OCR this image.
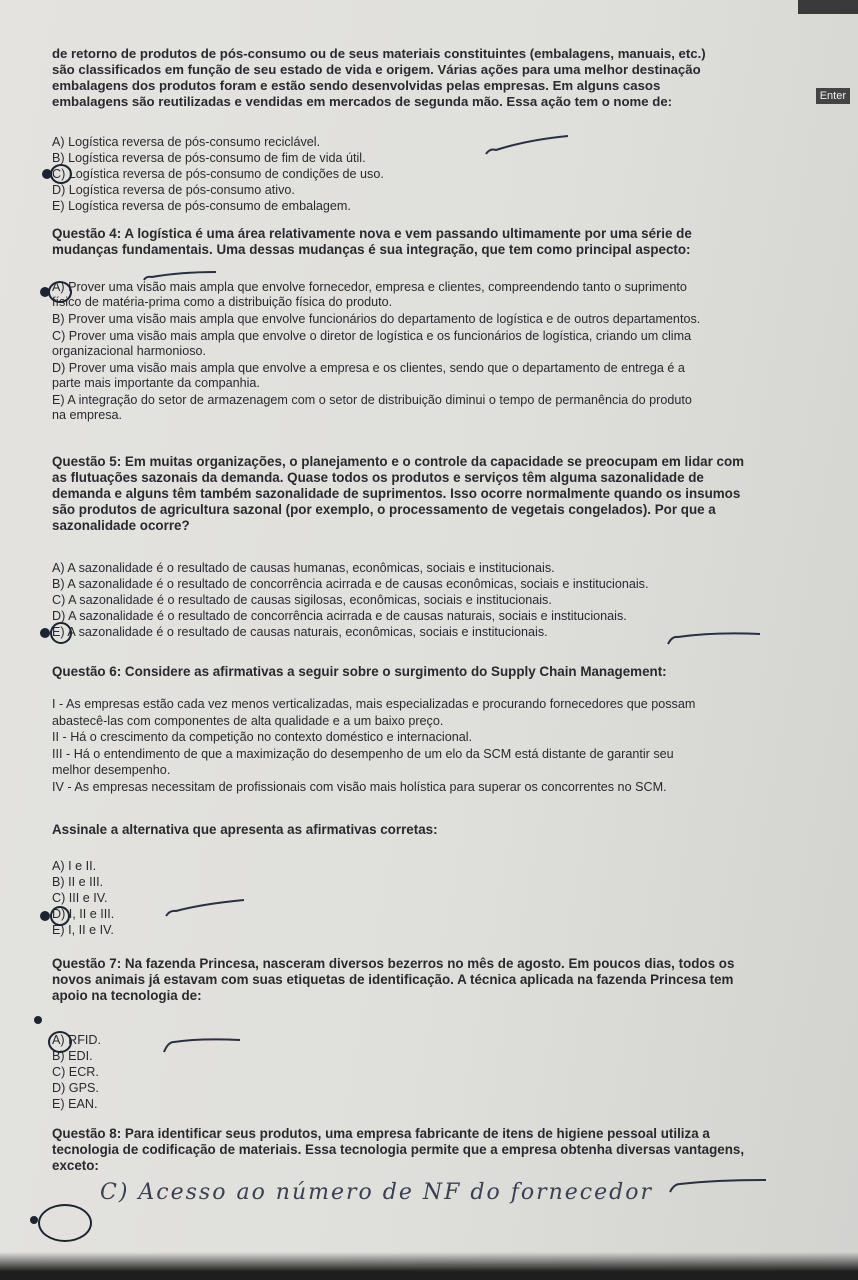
Enter
de retorno de produtos de pós-consumo ou de seus materiais constituintes (embalagens, manuais, etc.)
são classificados em função de seu estado de vida e origem. Várias ações para uma melhor destinação
embalagens dos produtos foram e estão sendo desenvolvidas pelas empresas. Em alguns casos
embalagens são reutilizadas e vendidas em mercados de segunda mão. Essa ação tem o nome de:
A) Logística reversa de pós-consumo reciclável.
B) Logística reversa de pós-consumo de fim de vida útil.
C) Logística reversa de pós-consumo de condições de uso.
D) Logística reversa de pós-consumo ativo.
E) Logística reversa de pós-consumo de embalagem.
Questão 4: A logística é uma área relativamente nova e vem passando ultimamente por uma série de
mudanças fundamentais. Uma dessas mudanças é sua integração, que tem como principal aspecto:
A) Prover uma visão mais ampla que envolve fornecedor, empresa e clientes, compreendendo tanto o suprimento
físico de matéria-prima como a distribuição física do produto.
B) Prover uma visão mais ampla que envolve funcionários do departamento de logística e de outros departamentos.
C) Prover uma visão mais ampla que envolve o diretor de logística e os funcionários de logística, criando um clima
organizacional harmonioso.
D) Prover uma visão mais ampla que envolve a empresa e os clientes, sendo que o departamento de entrega é a
parte mais importante da companhia.
E) A integração do setor de armazenagem com o setor de distribuição diminui o tempo de permanência do produto
na empresa.
Questão 5: Em muitas organizações, o planejamento e o controle da capacidade se preocupam em lidar com
as flutuações sazonais da demanda. Quase todos os produtos e serviços têm alguma sazonalidade de
demanda e alguns têm também sazonalidade de suprimentos. Isso ocorre normalmente quando os insumos
são produtos de agricultura sazonal (por exemplo, o processamento de vegetais congelados). Por que a
sazonalidade ocorre?
A) A sazonalidade é o resultado de causas humanas, econômicas, sociais e institucionais.
B) A sazonalidade é o resultado de concorrência acirrada e de causas econômicas, sociais e institucionais.
C) A sazonalidade é o resultado de causas sigilosas, econômicas, sociais e institucionais.
D) A sazonalidade é o resultado de concorrência acirrada e de causas naturais, sociais e institucionais.
E) A sazonalidade é o resultado de causas naturais, econômicas, sociais e institucionais.
Questão 6: Considere as afirmativas a seguir sobre o surgimento do Supply Chain Management:
I - As empresas estão cada vez menos verticalizadas, mais especializadas e procurando fornecedores que possam
abastecê-las com componentes de alta qualidade e a um baixo preço.
II - Há o crescimento da competição no contexto doméstico e internacional.
III - Há o entendimento de que a maximização do desempenho de um elo da SCM está distante de garantir seu
melhor desempenho.
IV - As empresas necessitam de profissionais com visão mais holística para superar os concorrentes no SCM.
Assinale a alternativa que apresenta as afirmativas corretas:
A) I e II.
B) II e III.
C) III e IV.
D) I, II e III.
E) I, II e IV.
Questão 7: Na fazenda Princesa, nasceram diversos bezerros no mês de agosto. Em poucos dias, todos os
novos animais já estavam com suas etiquetas de identificação. A técnica aplicada na fazenda Princesa tem
apoio na tecnologia de:
A) RFID.
B) EDI.
C) ECR.
D) GPS.
E) EAN.
Questão 8: Para identificar seus produtos, uma empresa fabricante de itens de higiene pessoal utiliza a
tecnologia de codificação de materiais. Essa tecnologia permite que a empresa obtenha diversas vantagens,
exceto:
C) Acesso ao número de NF do fornecedor
